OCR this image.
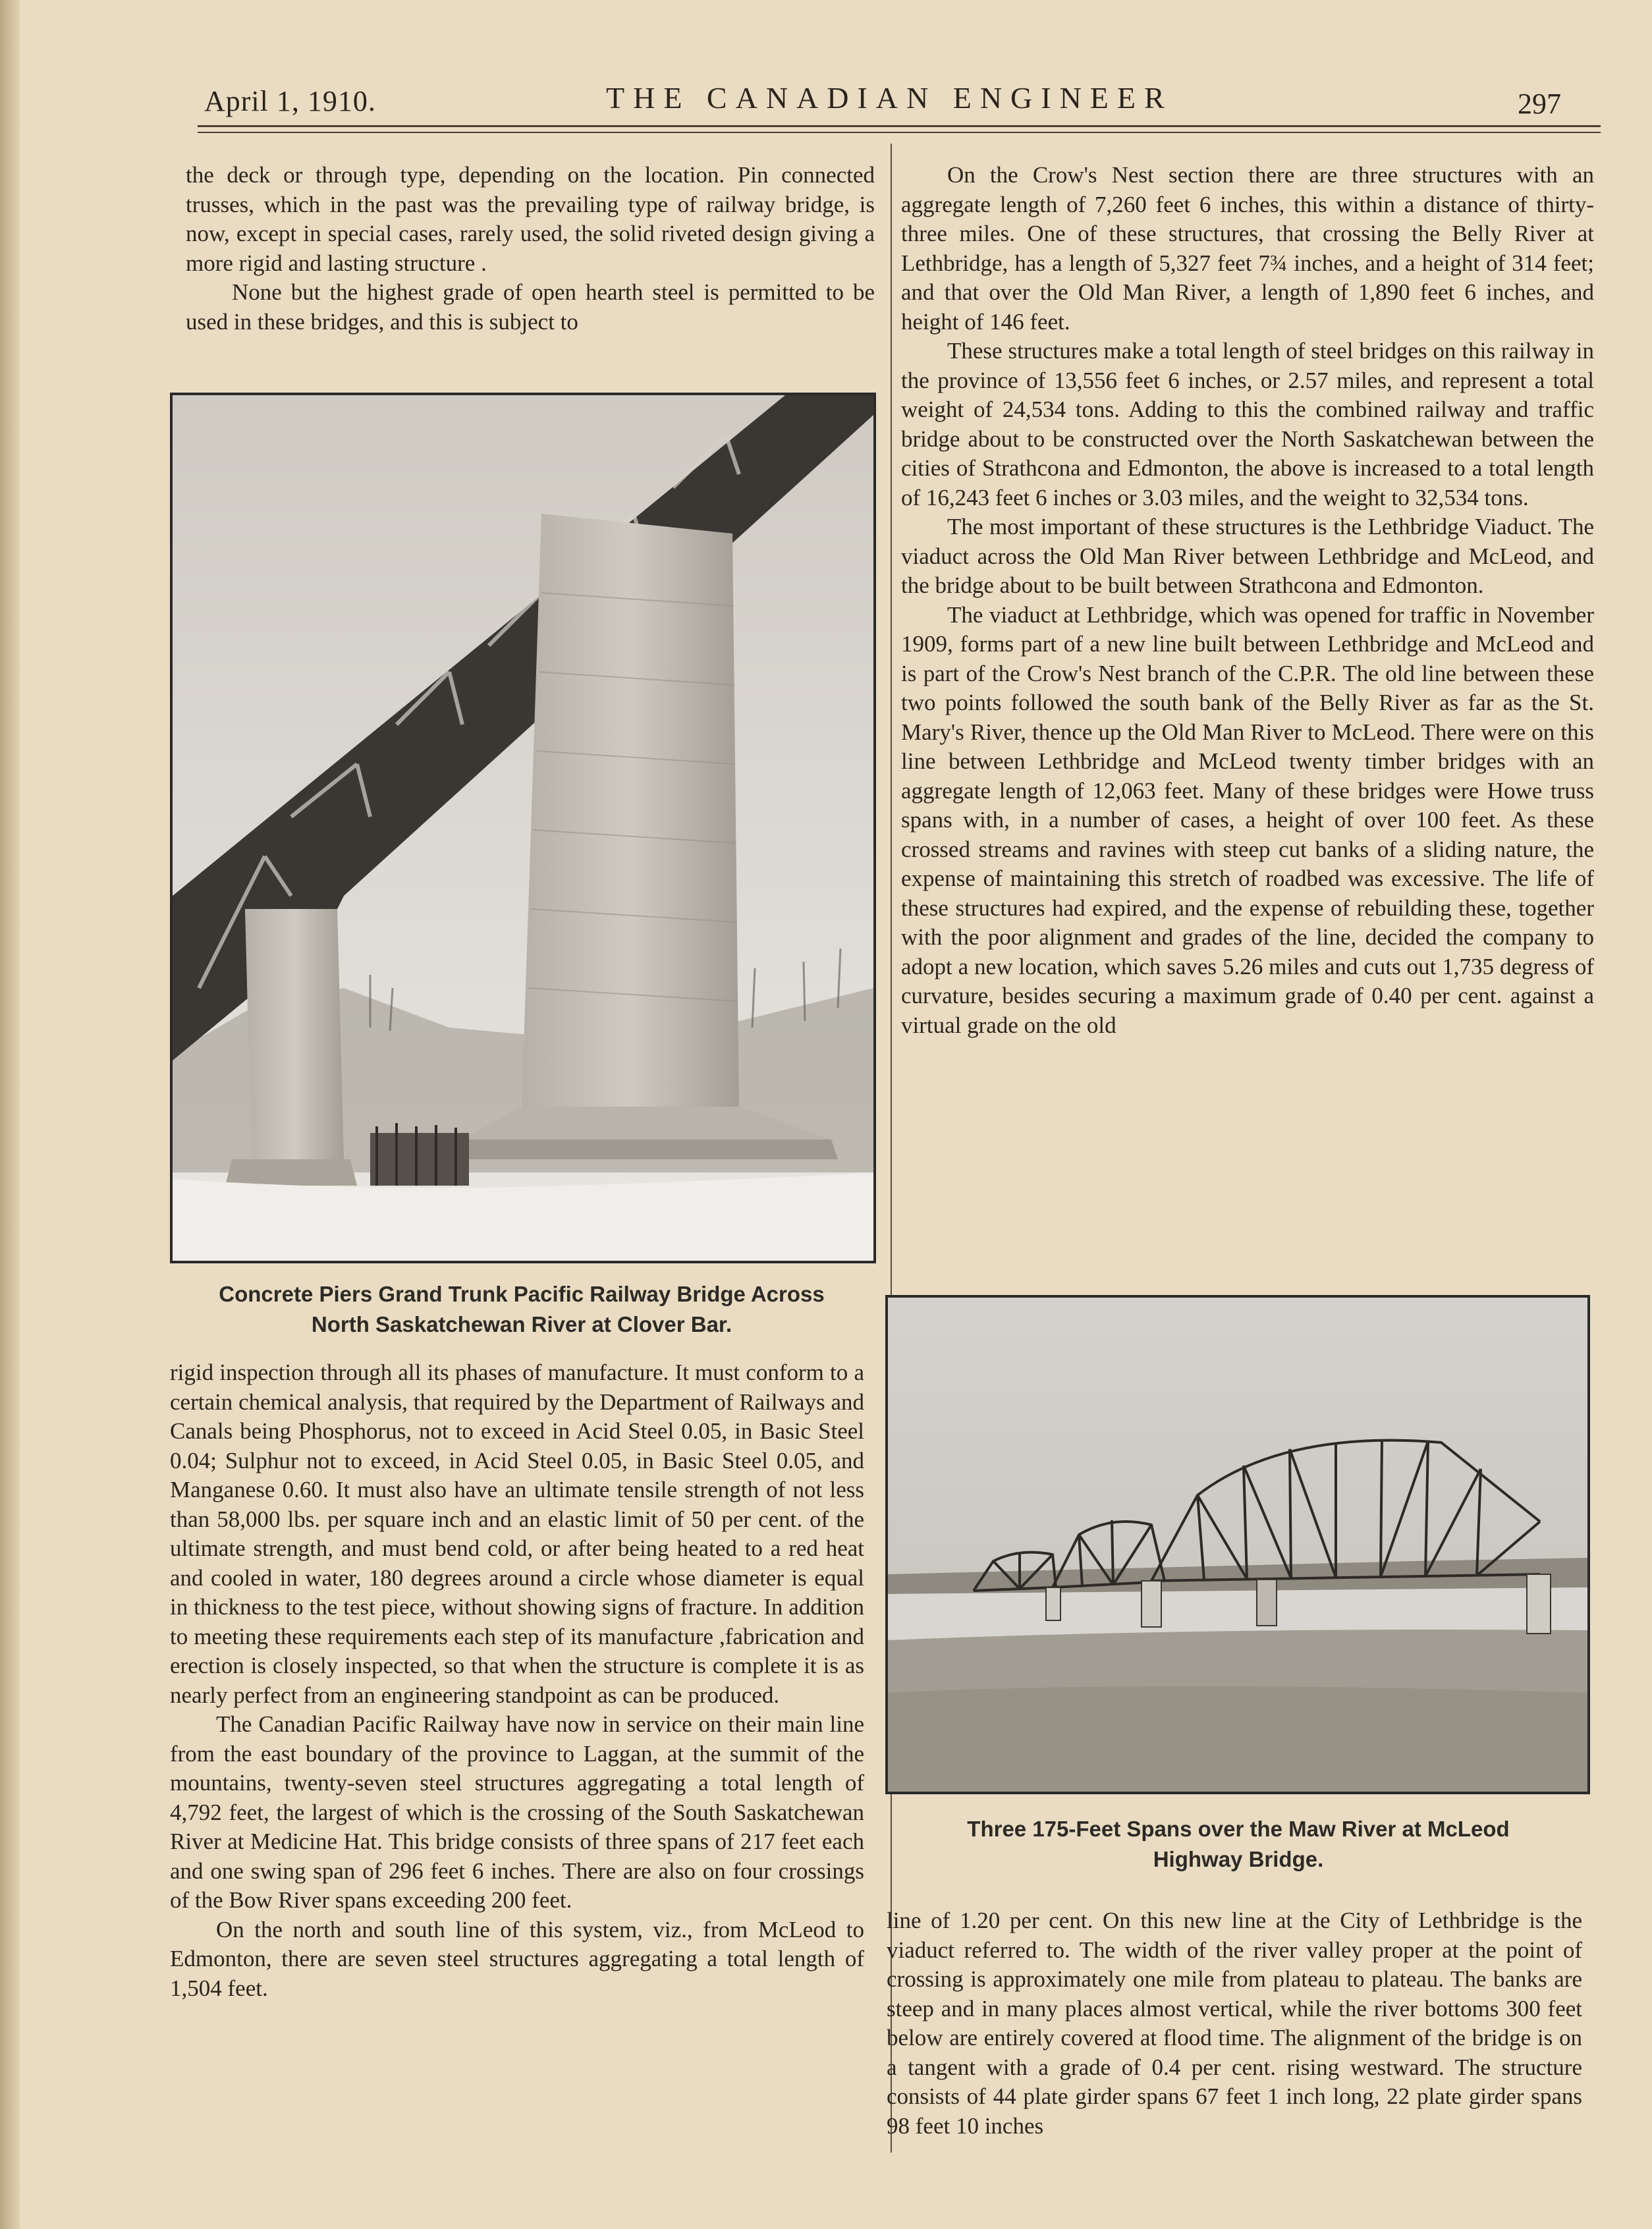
April 1, 1910.	THE CANADIAN ENGINEER	297

the deck or through type, depending on the location. Pin connected trusses, which in the past was the prevailing type of railway bridge, is now, except in special cases, rarely used, the solid riveted design giving a more rigid and lasting structure .

None but the highest grade of open hearth steel is permitted to be used in these bridges, and this is subject to

Concrete Piers Grand Trunk Pacific Railway Bridge Across
North Saskatchewan River at Clover Bar.

rigid inspection through all its phases of manufacture. It must conform to a certain chemical analysis, that required by the Department of Railways and Canals being Phosphorus, not to exceed in Acid Steel 0.05, in Basic Steel 0.04; Sulphur not to exceed, in Acid Steel 0.05, in Basic Steel 0.05, and Manganese 0.60. It must also have an ultimate tensile strength of not less than 58,000 lbs. per square inch and an elastic limit of 50 per cent. of the ultimate strength, and must bend cold, or after being heated to a red heat and cooled in water, 180 degrees around a circle whose diameter is equal in thickness to the test piece, without showing signs of fracture. In addition to meeting these requirements each step of its manufacture ,fabrication and erection is closely inspected, so that when the structure is complete it is as nearly perfect from an engineering standpoint as can be produced.

The Canadian Pacific Railway have now in service on their main line from the east boundary of the province to Laggan, at the summit of the mountains, twenty-seven steel structures aggregating a total length of 4,792 feet, the largest of which is the crossing of the South Saskatchewan River at Medicine Hat. This bridge consists of three spans of 217 feet each and one swing span of 296 feet 6 inches. There are also on four crossings of the Bow River spans exceeding 200 feet.

On the north and south line of this system, viz., from McLeod to Edmonton, there are seven steel structures aggregating a total length of 1,504 feet.

On the Crow's Nest section there are three structures with an aggregate length of 7,260 feet 6 inches, this within a distance of thirty-three miles. One of these structures, that crossing the Belly River at Lethbridge, has a length of 5,327 feet 7¾ inches, and a height of 314 feet; and that over the Old Man River, a length of 1,890 feet 6 inches, and height of 146 feet.

These structures make a total length of steel bridges on this railway in the province of 13,556 feet 6 inches, or 2.57 miles, and represent a total weight of 24,534 tons. Adding to this the combined railway and traffic bridge about to be constructed over the North Saskatchewan between the cities of Strathcona and Edmonton, the above is increased to a total length of 16,243 feet 6 inches or 3.03 miles, and the weight to 32,534 tons.

The most important of these structures is the Lethbridge Viaduct. The viaduct across the Old Man River between Lethbridge and McLeod, and the bridge about to be built between Strathcona and Edmonton.

The viaduct at Lethbridge, which was opened for traffic in November 1909, forms part of a new line built between Lethbridge and McLeod and is part of the Crow's Nest branch of the C.P.R. The old line between these two points followed the south bank of the Belly River as far as the St. Mary's River, thence up the Old Man River to McLeod. There were on this line between Lethbridge and McLeod twenty timber bridges with an aggregate length of 12,063 feet. Many of these bridges were Howe truss spans with, in a number of cases, a height of over 100 feet. As these crossed streams and ravines with steep cut banks of a sliding nature, the expense of maintaining this stretch of roadbed was excessive. The life of these structures had expired, and the expense of rebuilding these, together with the poor alignment and grades of the line, decided the company to adopt a new location, which saves 5.26 miles and cuts out 1,735 degress of curvature, besides securing a maximum grade of 0.40 per cent. against a virtual grade on the old

Three 175-Feet Spans over the Maw River at McLeod
Highway Bridge.

line of 1.20 per cent. On this new line at the City of Lethbridge is the viaduct referred to. The width of the river valley proper at the point of crossing is approximately one mile from plateau to plateau. The banks are steep and in many places almost vertical, while the river bottoms 300 feet below are entirely covered at flood time. The alignment of the bridge is on a tangent with a grade of 0.4 per cent. rising westward. The structure consists of 44 plate girder spans 67 feet 1 inch long, 22 plate girder spans 98 feet 10 inches
